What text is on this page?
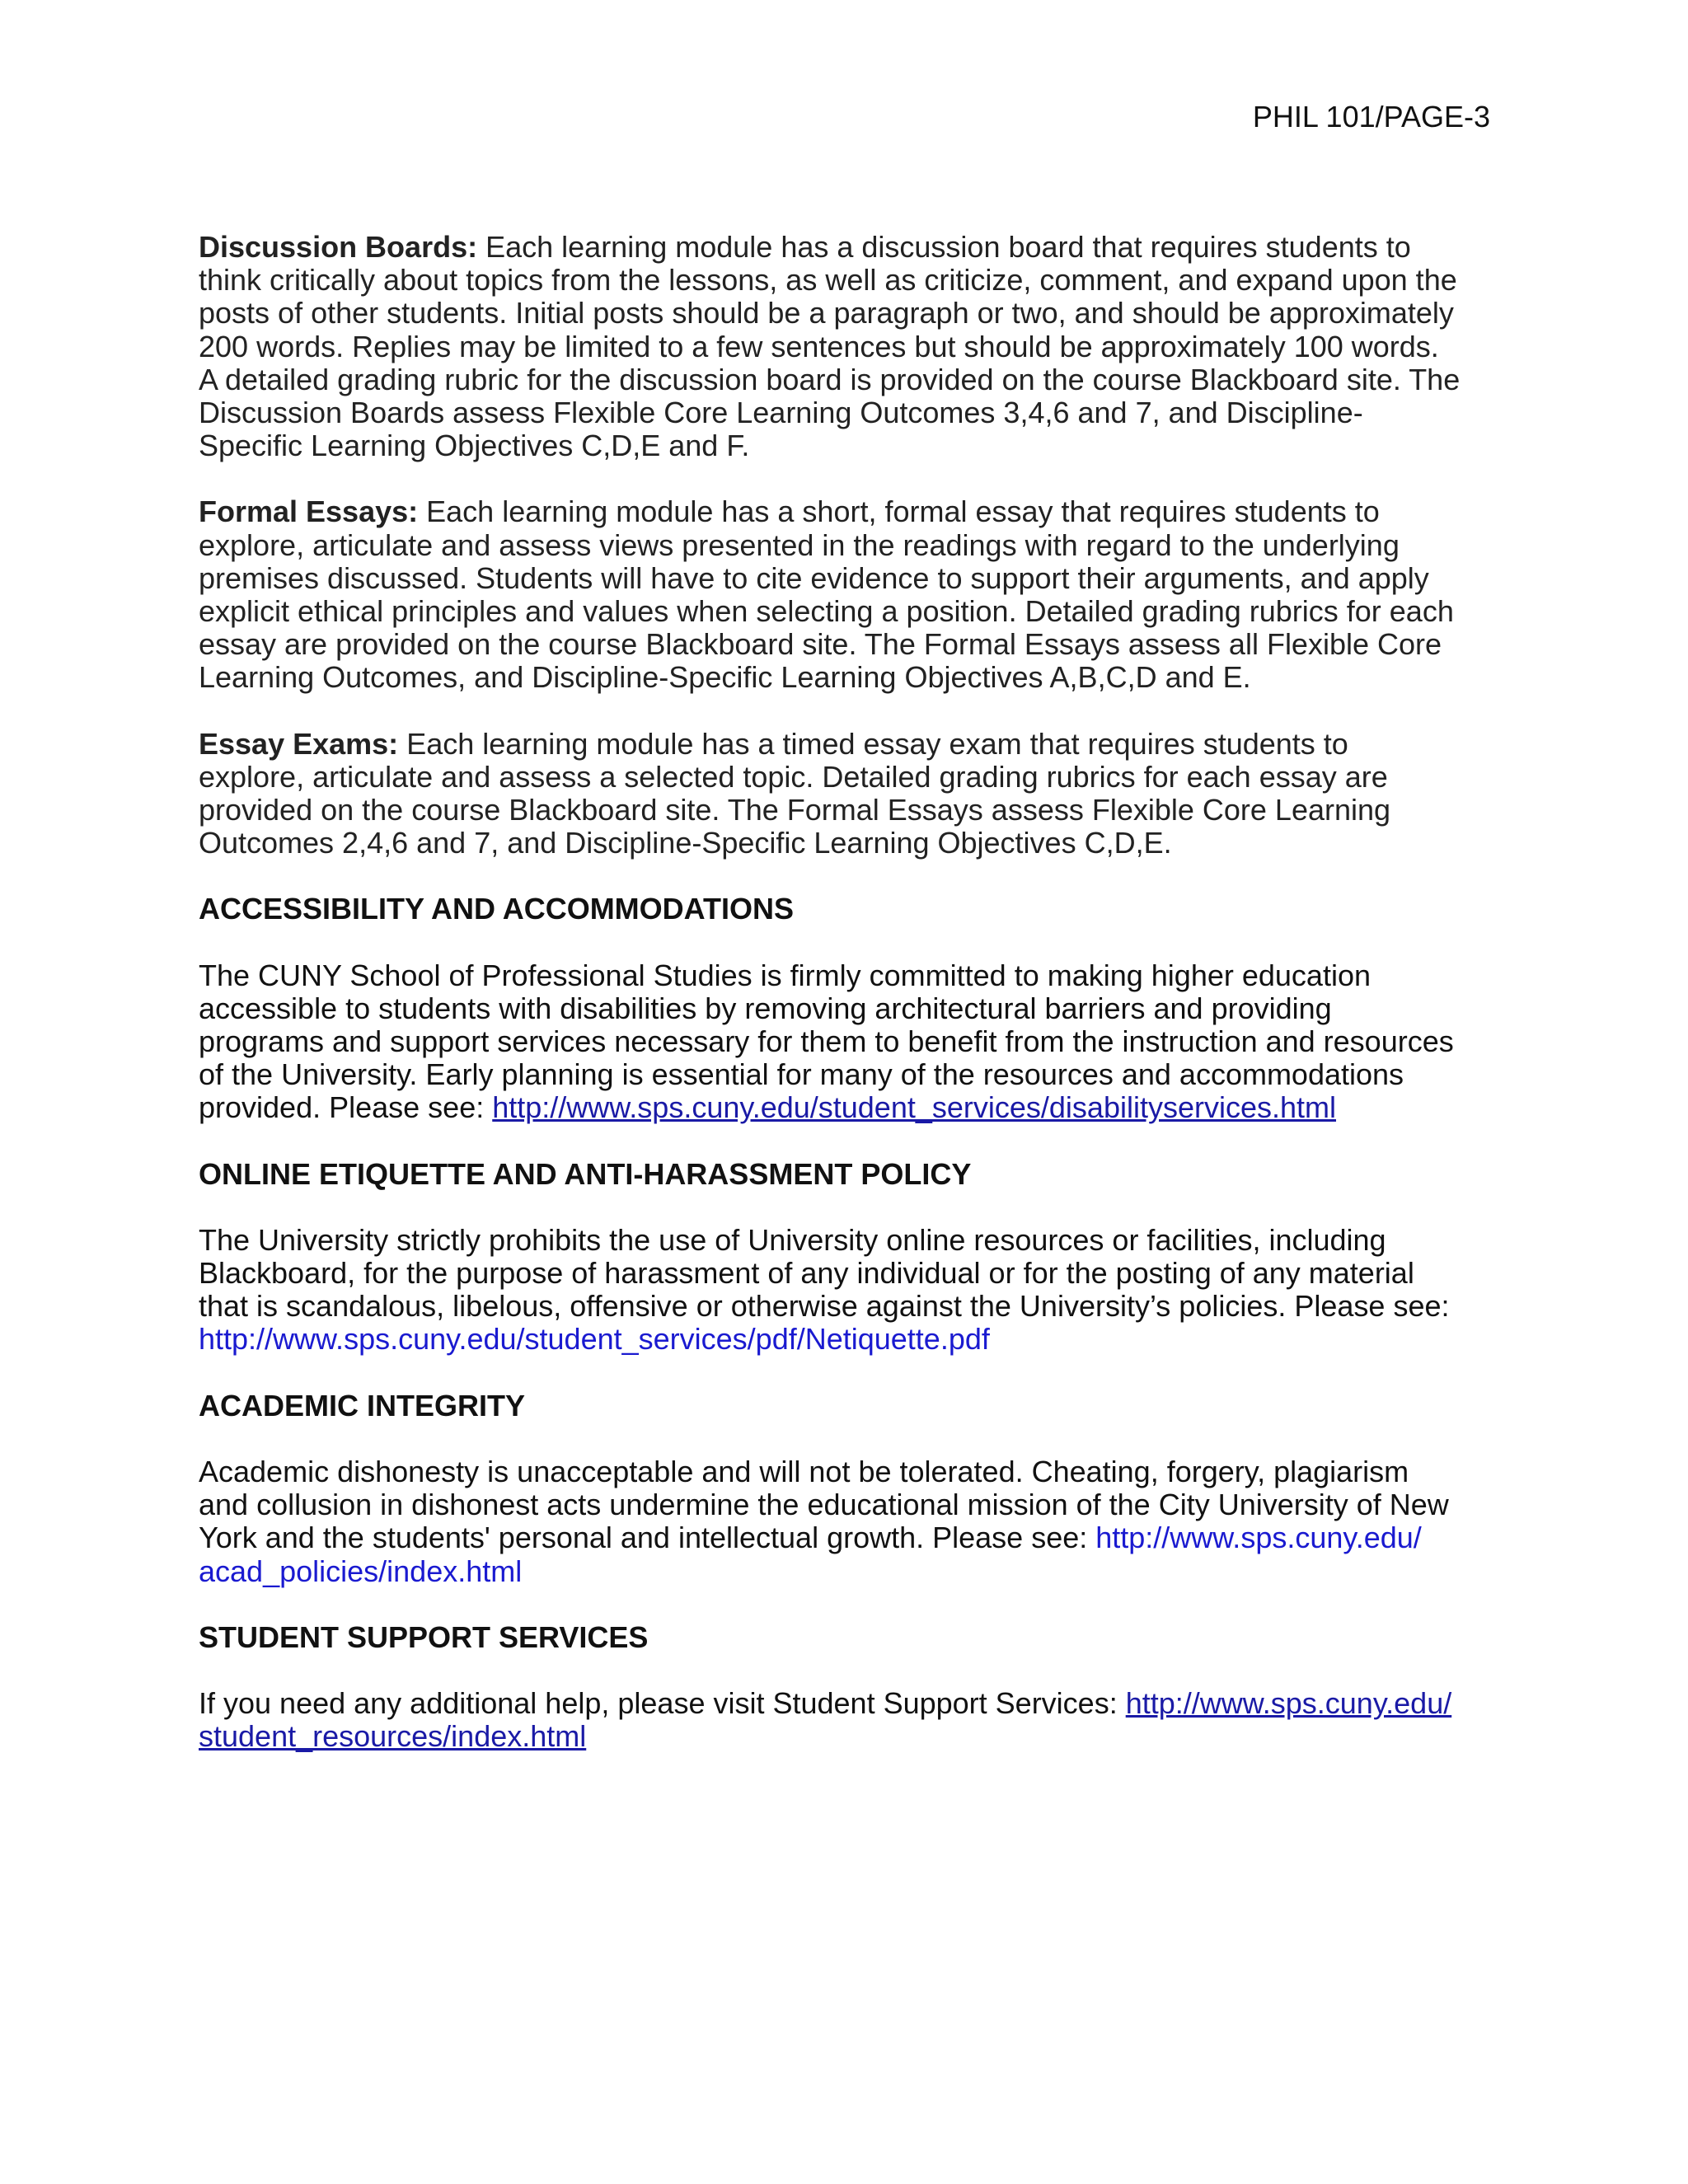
PHIL 101/PAGE-3
Discussion Boards: Each learning module has a discussion board that requires students to
think critically about topics from the lessons, as well as criticize, comment, and expand upon the
posts of other students. Initial posts should be a paragraph or two, and should be approximately
200 words. Replies may be limited to a few sentences but should be approximately 100 words.
A detailed grading rubric for the discussion board is provided on the course Blackboard site. The
Discussion Boards assess Flexible Core Learning Outcomes 3,4,6 and 7, and Discipline-
Specific Learning Objectives C,D,E and F.
Formal Essays: Each learning module has a short, formal essay that requires students to
explore, articulate and assess views presented in the readings with regard to the underlying
premises discussed. Students will have to cite evidence to support their arguments, and apply
explicit ethical principles and values when selecting a position. Detailed grading rubrics for each
essay are provided on the course Blackboard site. The Formal Essays assess all Flexible Core
Learning Outcomes, and Discipline-Specific Learning Objectives A,B,C,D and E.
Essay Exams: Each learning module has a timed essay exam that requires students to
explore, articulate and assess a selected topic. Detailed grading rubrics for each essay are
provided on the course Blackboard site. The Formal Essays assess Flexible Core Learning
Outcomes 2,4,6 and 7, and Discipline-Specific Learning Objectives C,D,E.
ACCESSIBILITY AND ACCOMMODATIONS
The CUNY School of Professional Studies is firmly committed to making higher education
accessible to students with disabilities by removing architectural barriers and providing
programs and support services necessary for them to benefit from the instruction and resources
of the University. Early planning is essential for many of the resources and accommodations
provided. Please see: http://www.sps.cuny.edu/student_services/disabilityservices.html
ONLINE ETIQUETTE AND ANTI-HARASSMENT POLICY
The University strictly prohibits the use of University online resources or facilities, including
Blackboard, for the purpose of harassment of any individual or for the posting of any material
that is scandalous, libelous, offensive or otherwise against the University’s policies. Please see:
http://www.sps.cuny.edu/student_services/pdf/Netiquette.pdf
ACADEMIC INTEGRITY
Academic dishonesty is unacceptable and will not be tolerated. Cheating, forgery, plagiarism
and collusion in dishonest acts undermine the educational mission of the City University of New
York and the students' personal and intellectual growth. Please see: http://www.sps.cuny.edu/
acad_policies/index.html
STUDENT SUPPORT SERVICES
If you need any additional help, please visit Student Support Services: http://www.sps.cuny.edu/
student_resources/index.html
